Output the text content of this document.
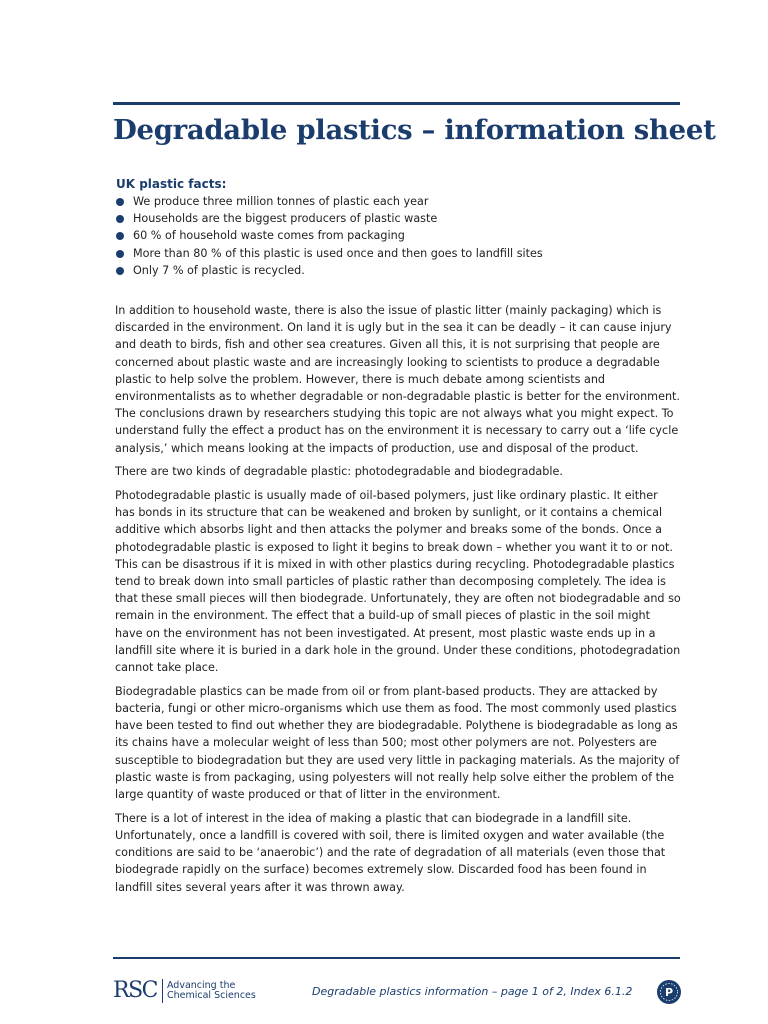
Degradable plastics – information sheet
UK plastic facts:
We produce three million tonnes of plastic each year
Households are the biggest producers of plastic waste
60 % of household waste comes from packaging
More than 80 % of this plastic is used once and then goes to landfill sites
Only 7 % of plastic is recycled.

In addition to household waste, there is also the issue of plastic litter (mainly packaging) which is discarded in the environment. On land it is ugly but in the sea it can be deadly – it can cause injury and death to birds, fish and other sea creatures. Given all this, it is not surprising that people are concerned about plastic waste and are increasingly looking to scientists to produce a degradable plastic to help solve the problem. However, there is much debate among scientists and environmentalists as to whether degradable or non-degradable plastic is better for the environment. The conclusions drawn by researchers studying this topic are not always what you might expect. To understand fully the effect a product has on the environment it is necessary to carry out a ‘life cycle analysis,’ which means looking at the impacts of production, use and disposal of the product.

There are two kinds of degradable plastic: photodegradable and biodegradable.

Photodegradable plastic is usually made of oil-based polymers, just like ordinary plastic. It either has bonds in its structure that can be weakened and broken by sunlight, or it contains a chemical additive which absorbs light and then attacks the polymer and breaks some of the bonds. Once a photodegradable plastic is exposed to light it begins to break down – whether you want it to or not. This can be disastrous if it is mixed in with other plastics during recycling. Photodegradable plastics tend to break down into small particles of plastic rather than decomposing completely. The idea is that these small pieces will then biodegrade. Unfortunately, they are often not biodegradable and so remain in the environment. The effect that a build-up of small pieces of plastic in the soil might have on the environment has not been investigated. At present, most plastic waste ends up in a landfill site where it is buried in a dark hole in the ground. Under these conditions, photodegradation cannot take place.

Biodegradable plastics can be made from oil or from plant-based products. They are attacked by bacteria, fungi or other micro-organisms which use them as food. The most commonly used plastics have been tested to find out whether they are biodegradable. Polythene is biodegradable as long as its chains have a molecular weight of less than 500; most other polymers are not. Polyesters are susceptible to biodegradation but they are used very little in packaging materials. As the majority of plastic waste is from packaging, using polyesters will not really help solve either the problem of the large quantity of waste produced or that of litter in the environment.

There is a lot of interest in the idea of making a plastic that can biodegrade in a landfill site. Unfortunately, once a landfill is covered with soil, there is limited oxygen and water available (the conditions are said to be ‘anaerobic’) and the rate of degradation of all materials (even those that biodegrade rapidly on the surface) becomes extremely slow. Discarded food has been found in landfill sites several years after it was thrown away.

RSC	Advancing the
Chemical Sciences	Degradable plastics information – page 1 of 2, Index 6.1.2	P
